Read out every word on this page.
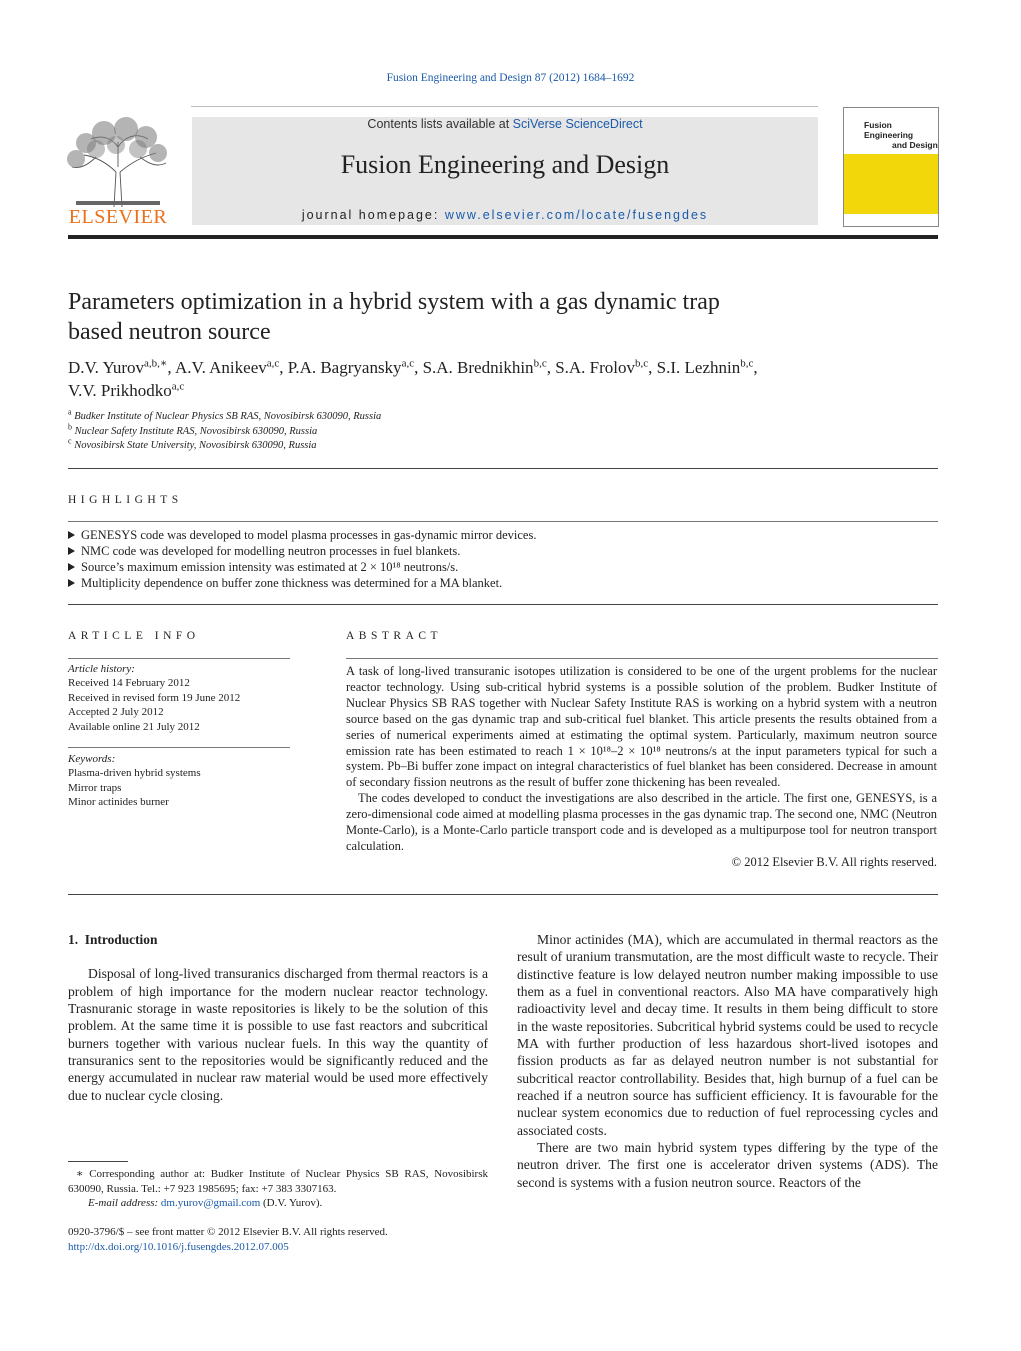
Fusion Engineering and Design 87 (2012) 1684–1692
ELSEVIER
Contents lists available at SciVerse ScienceDirect
Fusion Engineering and Design
journal homepage: www.elsevier.com/locate/fusengdes
Fusion Engineering
and Design
Parameters optimization in a hybrid system with a gas dynamic trap
based neutron source
D.V. Yurov$^{a,b,∗}$, A.V. Anikeev$^{a,c}$, P.A. Bagryansky$^{a,c}$, S.A. Brednikhin$^{b,c}$, S.A. Frolov$^{b,c}$, S.I. Lezhnin$^{b,c}$,
V.V. Prikhodko$^{a,c}$
$^a$ Budker Institute of Nuclear Physics SB RAS, Novosibirsk 630090, Russia
$^b$ Nuclear Safety Institute RAS, Novosibirsk 630090, Russia
$^c$ Novosibirsk State University, Novosibirsk 630090, Russia
HIGHLIGHTS
GENESYS code was developed to model plasma processes in gas-dynamic mirror devices.
NMC code was developed for modelling neutron processes in fuel blankets.
Source’s maximum emission intensity was estimated at 2 × 10¹⁸ neutrons/s.
Multiplicity dependence on buffer zone thickness was determined for a MA blanket.
ARTICLE INFO
Article history:
Received 14 February 2012
Received in revised form 19 June 2012
Accepted 2 July 2012
Available online 21 July 2012
Keywords:
Plasma-driven hybrid systems
Mirror traps
Minor actinides burner
ABSTRACT

A task of long-lived transuranic isotopes utilization is considered to be one of the urgent problems for the nuclear reactor technology. Using sub-critical hybrid systems is a possible solution of the problem. Budker Institute of Nuclear Physics SB RAS together with Nuclear Safety Institute RAS is working on a hybrid system with a neutron source based on the gas dynamic trap and sub-critical fuel blanket. This article presents the results obtained from a series of numerical experiments aimed at estimating the optimal system. Particularly, maximum neutron source emission rate has been estimated to reach 1 × 10¹⁸–2 × 10¹⁸ neutrons/s at the input parameters typical for such a system. Pb–Bi buffer zone impact on integral characteristics of fuel blanket has been considered. Decrease in amount of secondary fission neutrons as the result of buffer zone thickening has been revealed.

The codes developed to conduct the investigations are also described in the article. The first one, GENESYS, is a zero-dimensional code aimed at modelling plasma processes in the gas dynamic trap. The second one, NMC (Neutron Monte-Carlo), is a Monte-Carlo particle transport code and is developed as a multipurpose tool for neutron transport calculation.

© 2012 Elsevier B.V. All rights reserved.
1. Introduction

Disposal of long-lived transuranics discharged from thermal reactors is a problem of high importance for the modern nuclear reactor technology. Trasnuranic storage in waste repositories is likely to be the solution of this problem. At the same time it is possible to use fast reactors and subcritical burners together with various nuclear fuels. In this way the quantity of transuranics sent to the repositories would be significantly reduced and the energy accumulated in nuclear raw material would be used more effectively due to nuclear cycle closing.

Minor actinides (MA), which are accumulated in thermal reactors as the result of uranium transmutation, are the most difficult waste to recycle. Their distinctive feature is low delayed neutron number making impossible to use them as a fuel in conventional reactors. Also MA have comparatively high radioactivity level and decay time. It results in them being difficult to store in the waste repositories. Subcritical hybrid systems could be used to recycle MA with further production of less hazardous short-lived isotopes and fission products as far as delayed neutron number is not substantial for subcritical reactor controllability. Besides that, high burnup of a fuel can be reached if a neutron source has sufficient efficiency. It is favourable for the nuclear system economics due to reduction of fuel reprocessing cycles and associated costs.

There are two main hybrid system types differing by the type of the neutron driver. The first one is accelerator driven systems (ADS). The second is systems with a fusion neutron source. Reactors of the

∗ Corresponding author at: Budker Institute of Nuclear Physics SB RAS, Novosibirsk 630090, Russia. Tel.: +7 923 1985695; fax: +7 383 3307163.
E-mail address: dm.yurov@gmail.com (D.V. Yurov).
0920-3796/$ – see front matter © 2012 Elsevier B.V. All rights reserved.
http://dx.doi.org/10.1016/j.fusengdes.2012.07.005
